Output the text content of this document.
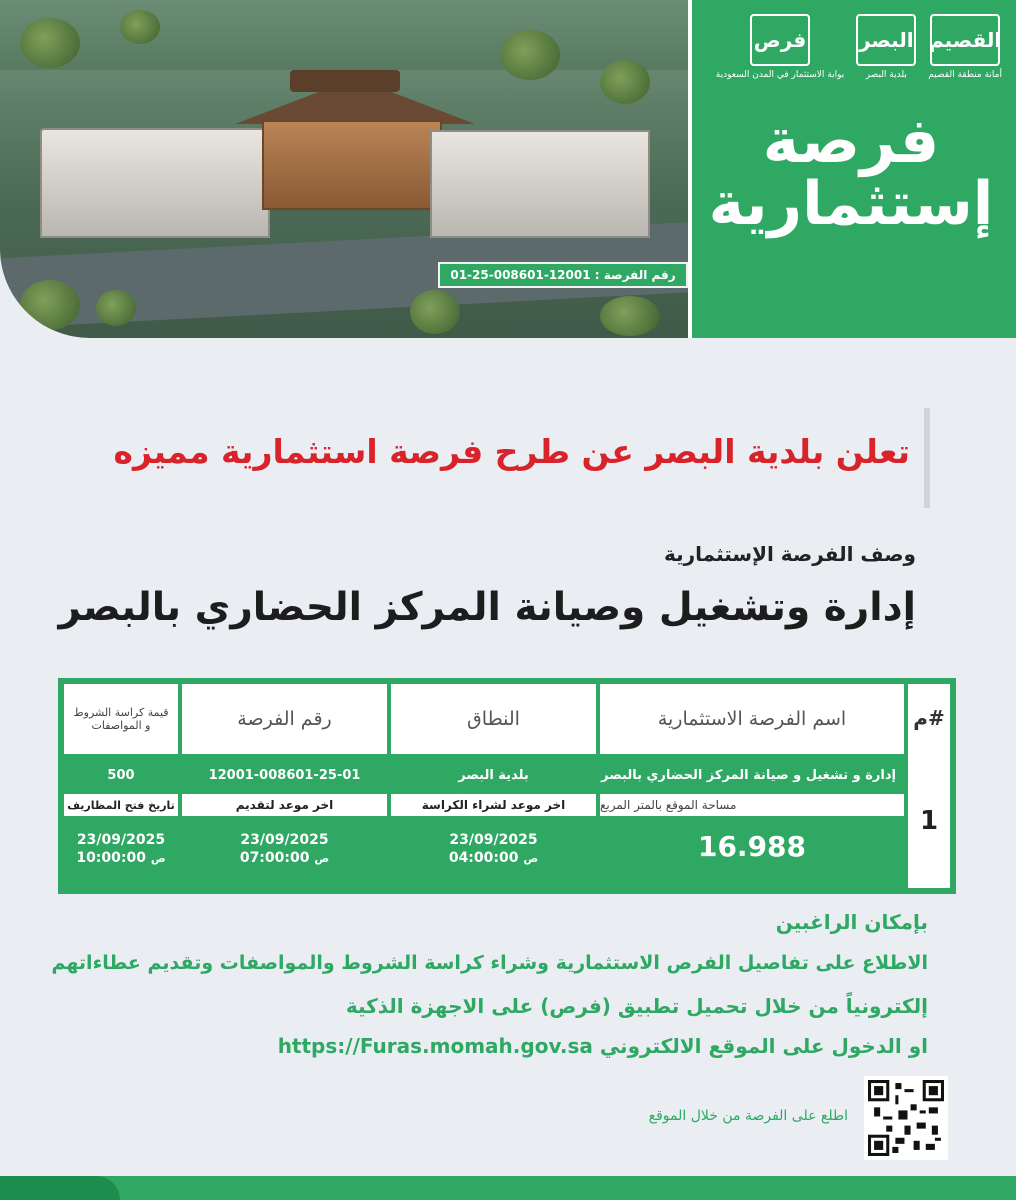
رقم الفرصة : 12001-008601-25-01
فرص
بوابة الاستثمار في المدن السعودية
البصر
بلدية البصر
القصيم
أمانة منطقة القصيم
فرصة
إستثمارية
تعلن بلدية البصر عن طرح فرصة استثمارية مميزه
وصف الفرصة الإستثمارية
إدارة وتشغيل وصيانة المركز الحضاري بالبصر
#م
1
اسم الفرصة الاستثمارية
النطاق
رقم الفرصة
قيمة كراسة الشروط و المواصفات
إدارة و تشغيل و صيانة المركز الحضاري بالبصر
بلدية البصر
12001-008601-25-01
500
مساحة الموقع بالمتر المربع
اخر موعد لشراء الكراسة
اخر موعد لتقديم
تاريخ فتح المظاريف
16.988
23/09/2025
ص 04:00:00
23/09/2025
ص 07:00:00
23/09/2025
ص 10:00:00
بإمكان الراغبين
الاطلاع على تفاصيل الفرص الاستثمارية وشراء كراسة الشروط والمواصفات وتقديم عطاءاتهم
إلكترونياً من خلال تحميل تطبيق (فرص) على الاجهزة الذكية
او الدخول على الموقع الالكتروني https://Furas.momah.gov.sa
اطلع على الفرصة من خلال الموقع
